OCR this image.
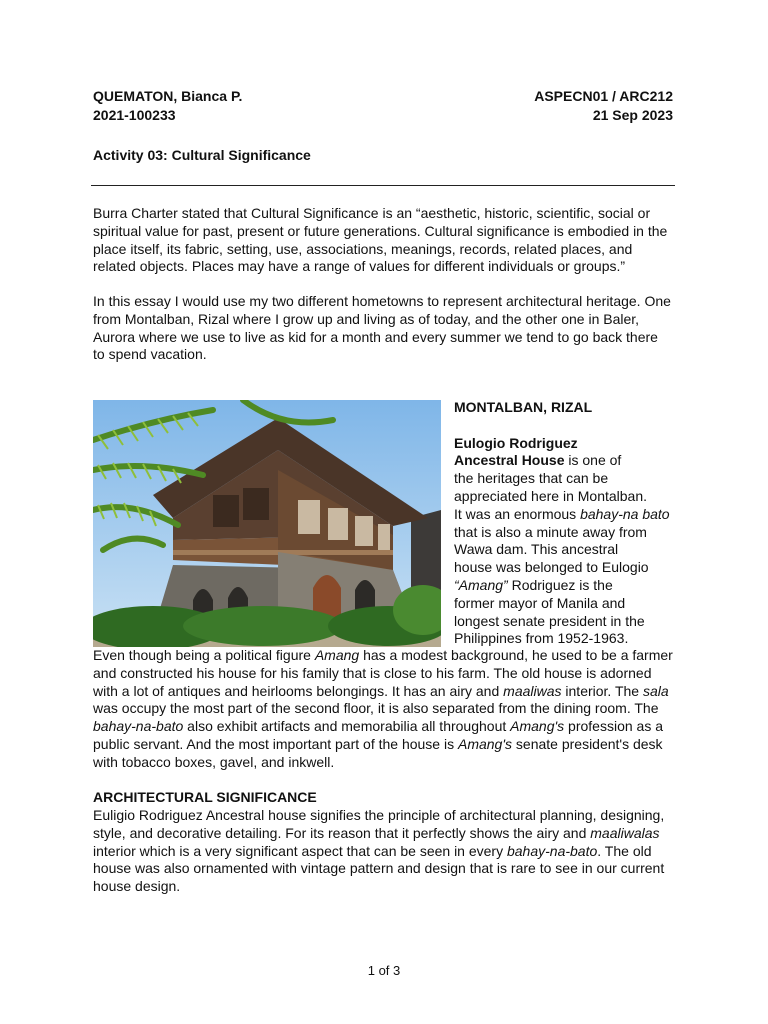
QUEMATON, Bianca P.	ASPECN01 / ARC212
2021-100233	21 Sep 2023
Activity 03: Cultural Significance

Burra Charter stated that Cultural Significance is an “aesthetic, historic, scientific, social or spiritual value for past, present or future generations. Cultural significance is embodied in the place itself, its fabric, setting, use, associations, meanings, records, related places, and related objects. Places may have a range of values for different individuals or groups.”

In this essay I would use my two different hometowns to represent architectural heritage. One from Montalban, Rizal where I grow up and living as of today, and the other one in Baler, Aurora where we use to live as kid for a month and every summer we tend to go back there to spend vacation.

MONTALBAN, RIZAL
Eulogio Rodriguez
Ancestral House is one of
the heritages that can be
appreciated here in Montalban.
It was an enormous bahay-na bato
that is also a minute away from
Wawa dam. This ancestral
house was belonged to Eulogio
“Amang” Rodriguez is the
former mayor of Manila and
longest senate president in the
Philippines from 1952-1963.

Even though being a political figure Amang has a modest background, he used to be a farmer and constructed his house for his family that is close to his farm. The old house is adorned with a lot of antiques and heirlooms belongings. It has an airy and maaliwas interior. The sala was occupy the most part of the second floor, it is also separated from the dining room. The bahay-na-bato also exhibit artifacts and memorabilia all throughout Amang's profession as a public servant. And the most important part of the house is Amang's senate president's desk with tobacco boxes, gavel, and inkwell.

ARCHITECTURAL SIGNIFICANCE

Euligio Rodriguez Ancestral house signifies the principle of architectural planning, designing, style, and decorative detailing. For its reason that it perfectly shows the airy and maaliwalas interior which is a very significant aspect that can be seen in every bahay-na-bato. The old house was also ornamented with vintage pattern and design that is rare to see in our current house design.

1 of 3
